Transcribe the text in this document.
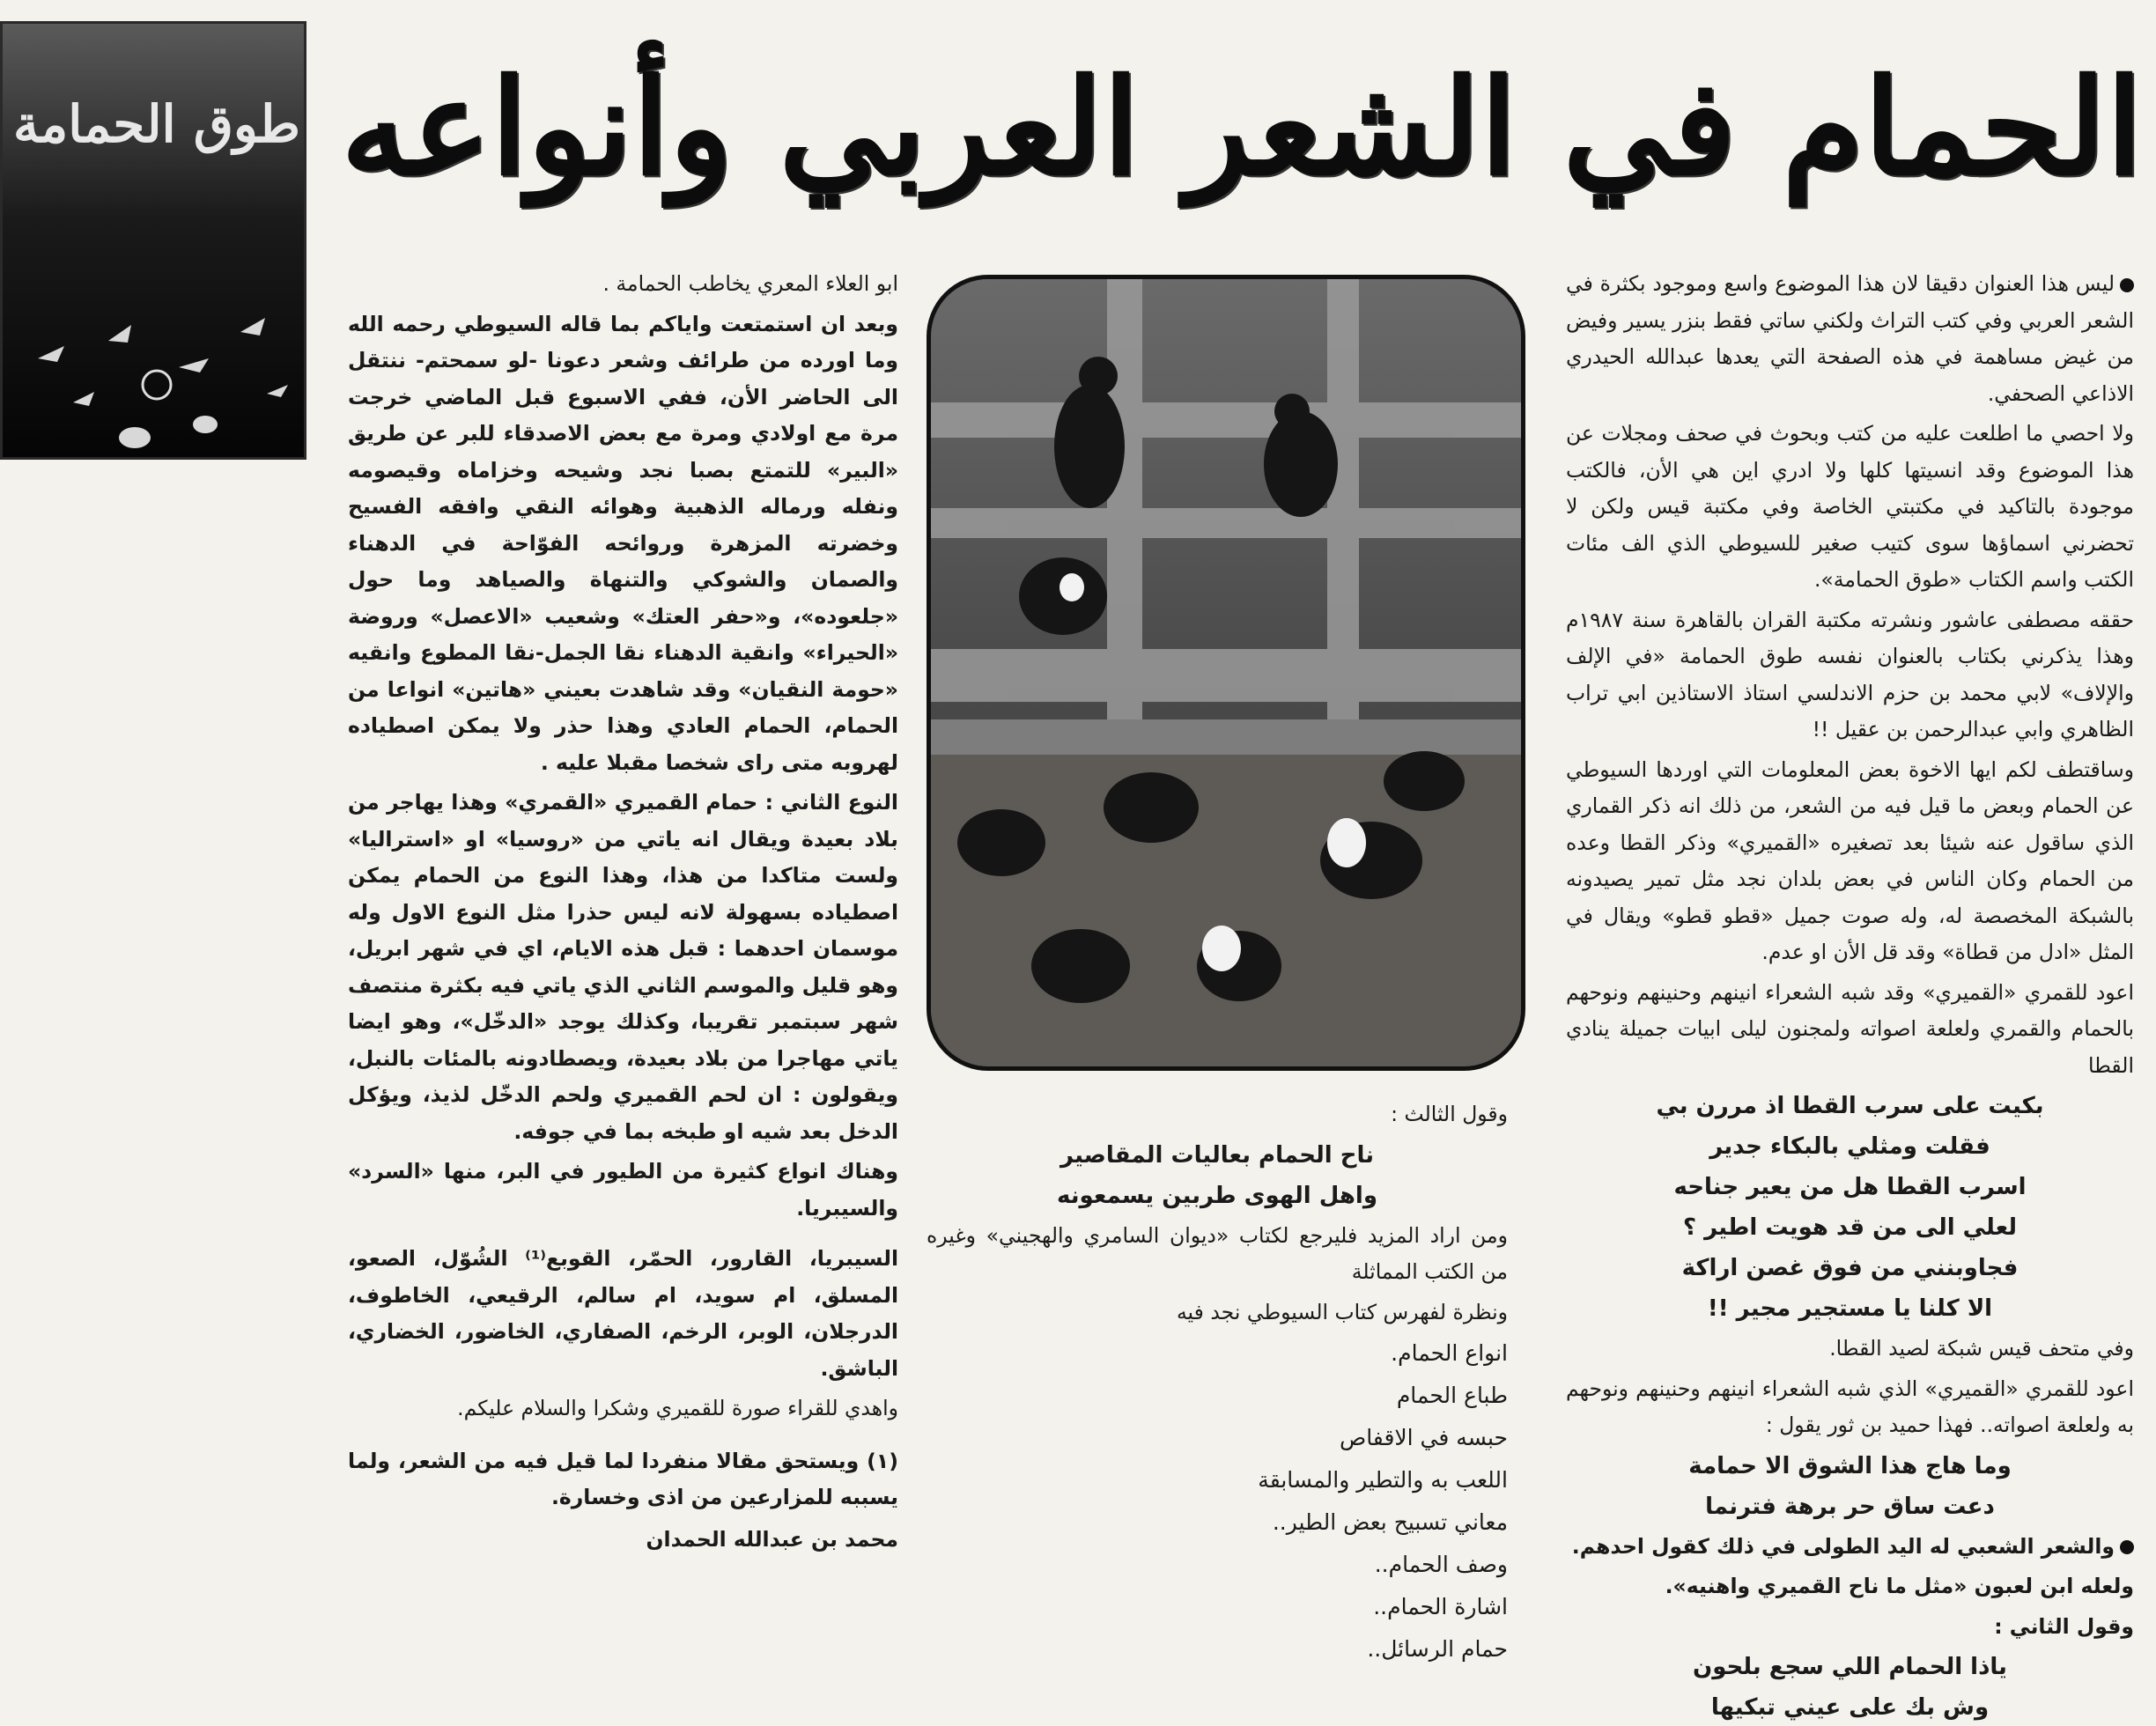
الحمام في الشعر العربي وأنواعه
طوق الحمامة

ليس هذا العنوان دقيقا لان هذا الموضوع واسع وموجود بكثرة في الشعر العربي وفي كتب التراث ولكني ساتي فقط بنزر يسير وفيض من غيض مساهمة في هذه الصفحة التي يعدها عبدالله الحيدري الاذاعي الصحفي.

ولا احصي ما اطلعت عليه من كتب وبحوث في صحف ومجلات عن هذا الموضوع وقد انسيتها كلها ولا ادري اين هي الأن، فالكتب موجودة بالتاكيد في مكتبتي الخاصة وفي مكتبة قيس ولكن لا تحضرني اسماؤها سوى كتيب صغير للسيوطي الذي الف مئات الكتب واسم الكتاب «طوق الحمامة».

حققه مصطفى عاشور ونشرته مكتبة القران بالقاهرة سنة ١٩٨٧م وهذا يذكرني بكتاب بالعنوان نفسه طوق الحمامة «في الإلف والإلاف» لابي محمد بن حزم الاندلسي استاذ الاستاذين ابي تراب الظاهري وابي عبدالرحمن بن عقيل !!

وساقتطف لكم ايها الاخوة بعض المعلومات التي اوردها السيوطي عن الحمام وبعض ما قيل فيه من الشعر، من ذلك انه ذكر القماري الذي ساقول عنه شيئا بعد تصغيره «القميري» وذكر القطا وعده من الحمام وكان الناس في بعض بلدان نجد مثل تمير يصيدونه بالشبكة المخصصة له، وله صوت جميل «قطو قطو» ويقال في المثل «ادل من قطاة» وقد قل الأن او عدم.

اعود للقمري «القميري» وقد شبه الشعراء انينهم وحنينهم ونوحهم بالحمام والقمري ولعلعة اصواته ولمجنون ليلى ابيات جميلة ينادي القطا

بكيت على سرب القطا اذ مررن بي

فقلت ومثلي بالبكاء جدير

اسرب القطا هل من يعير جناحه

لعلي الى من قد هويت اطير ؟

فجاوبنني من فوق غصن اراكة

الا كلنا يا مستجير مجير !!

وفي متحف قيس شبكة لصيد القطا.

اعود للقمري «القميري» الذي شبه الشعراء انينهم وحنينهم ونوحهم به ولعلعة اصواته.. فهذا حميد بن ثور يقول :

وما هاج هذا الشوق الا حمامة

دعت ساق حر برهة فترنما

والشعر الشعبي له اليد الطولى في ذلك كقول احدهم.

ولعله ابن لعبون «مثل ما ناح القميري واهنيه».

وقول الثاني :

ياذا الحمام اللي سجع بلحون

وش بك على عيني تبكيها

وقول الثالث :

ناح الحمام بعاليات المقاصير

واهل الهوى طربين يسمعونه

ومن اراد المزيد فليرجع لكتاب «ديوان السامري والهجيني» وغيره من الكتب المماثلة

ونظرة لفهرس كتاب السيوطي نجد فيه

انواع الحمام.

طباع الحمام

حبسه في الاقفاص

اللعب به والتطير والمسابقة

معاني تسبيح بعض الطير..

وصف الحمام..

اشارة الحمام..

حمام الرسائل..

ابو العلاء المعري يخاطب الحمامة .

وبعد ان استمتعت واياكم بما قاله السيوطي رحمه الله وما اورده من طرائف وشعر دعونا -لو سمحتم- ننتقل الى الحاضر الأن، ففي الاسبوع قبل الماضي خرجت مرة مع اولادي ومرة مع بعض الاصدقاء للبر عن طريق «البير» للتمتع بصبا نجد وشيحه وخزاماه وقيصومه ونفله ورماله الذهبية وهوائه النقي وافقه الفسيح وخضرته المزهرة وروائحه الفوّاحة في الدهناء والصمان والشوكي والتنهاة والصياهد وما حول «جلعوده»، و«حفر العتك» وشعيب «الاعصل» وروضة «الحيراء» وانقية الدهناء نقا الجمل-نقا المطوع وانقيه «حومة النقيان» وقد شاهدت بعيني «هاتين» انواعا من الحمام، الحمام العادي وهذا حذر ولا يمكن اصطياده لهروبه متى راى شخصا مقبلا عليه .

النوع الثاني : حمام القميري «القمري» وهذا يهاجر من بلاد بعيدة ويقال انه ياتي من «روسيا» او «استراليا» ولست متاكدا من هذا، وهذا النوع من الحمام يمكن اصطياده بسهولة لانه ليس حذرا مثل النوع الاول وله موسمان احدهما : قبل هذه الايام، اي في شهر ابريل، وهو قليل والموسم الثاني الذي ياتي فيه بكثرة منتصف شهر سبتمبر تقريبا، وكذلك يوجد «الدخّل»، وهو ايضا ياتي مهاجرا من بلاد بعيدة، ويصطادونه بالمئات بالنبل، ويقولون : ان لحم القميري ولحم الدخّل لذيذ، ويؤكل الدخل بعد شيه او طبخه بما في جوفه.

وهناك انواع كثيرة من الطيور في البر، منها «السرد» والسيبريا.

السيبريا، القارور، الحمّر، القوبع⁽¹⁾ الشُوّل، الصعو، المسلق، ام سويد، ام سالم، الرقيعي، الخاطوف، الدرجلان، الوبر، الرخم، الصفاري، الخاضور، الخضاري، الباشق.

واهدي للقراء صورة للقميري وشكرا والسلام عليكم.

(١) ويستحق مقالا منفردا لما قيل فيه من الشعر، ولما يسببه للمزارعين من اذى وخسارة.

محمد بن عبدالله الحمدان
